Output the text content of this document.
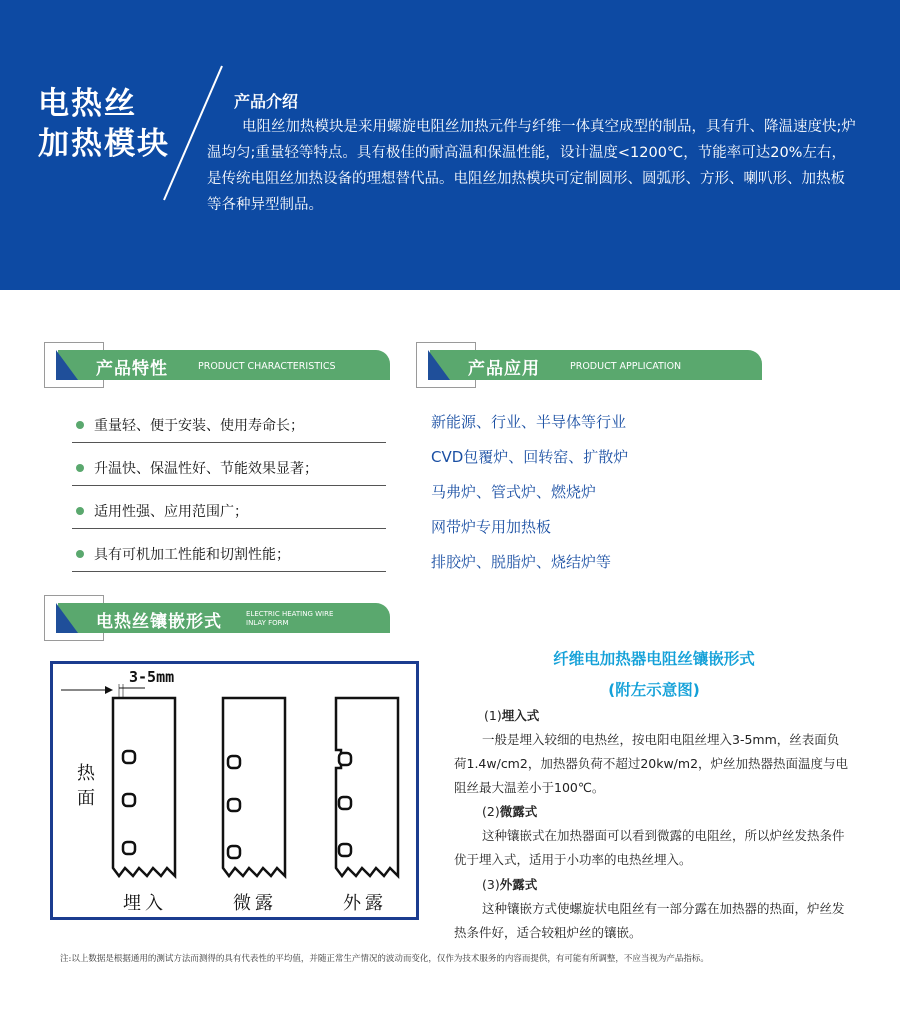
电热丝
加热模块
产品介绍
电阻丝加热模块是来用螺旋电阻丝加热元件与纤维一体真空成型的制品，具有升、降温速度快;炉温均匀;重量轻等特点。具有极佳的耐高温和保温性能，设计温度<1200℃，节能率可达20%左右，是传统电阻丝加热设备的理想替代品。电阻丝加热模块可定制圆形、圆弧形、方形、喇叭形、加热板等各种异型制品。
产品特性	PRODUCT CHARACTERISTICS
重量轻、便于安装、使用寿命长；
升温快、保温性好、节能效果显著；
适用性强、应用范围广；
具有可机加工性能和切割性能；
产品应用	PRODUCT APPLICATION
新能源、行业、半导体等行业
CVD包覆炉、回转窑、扩散炉
马弗炉、管式炉、燃烧炉
网带炉专用加热板
排胶炉、脱脂炉、烧结炉等
电热丝镶嵌形式	ELECTRIC HEATING WIRE
INLAY FORM
3-5mm
热
面
埋入	微露	外露
纤维电加热器电阻丝镶嵌形式
(附左示意图)
(1)埋入式
一般是埋入较细的电热丝，按电阳电阻丝埋入3-5mm，丝表面负荷1.4w/cm2，加热器负荷不超过20kw/m2，炉丝加热器热面温度与电阻丝最大温差小于100℃。
(2)微露式
这种镶嵌式在加热器面可以看到微露的电阻丝，所以炉丝发热条件优于埋入式，适用于小功率的电热丝埋入。
(3)外露式
这种镶嵌方式使螺旋状电阻丝有一部分露在加热器的热面，炉丝发热条件好，适合较粗炉丝的镶嵌。
注:以上数据是根据通用的测试方法而测得的具有代表性的平均值，并随正常生产情况的波动而变化，仅作为技术服务的内容而提供，有可能有所调整，不应当视为产品指标。
